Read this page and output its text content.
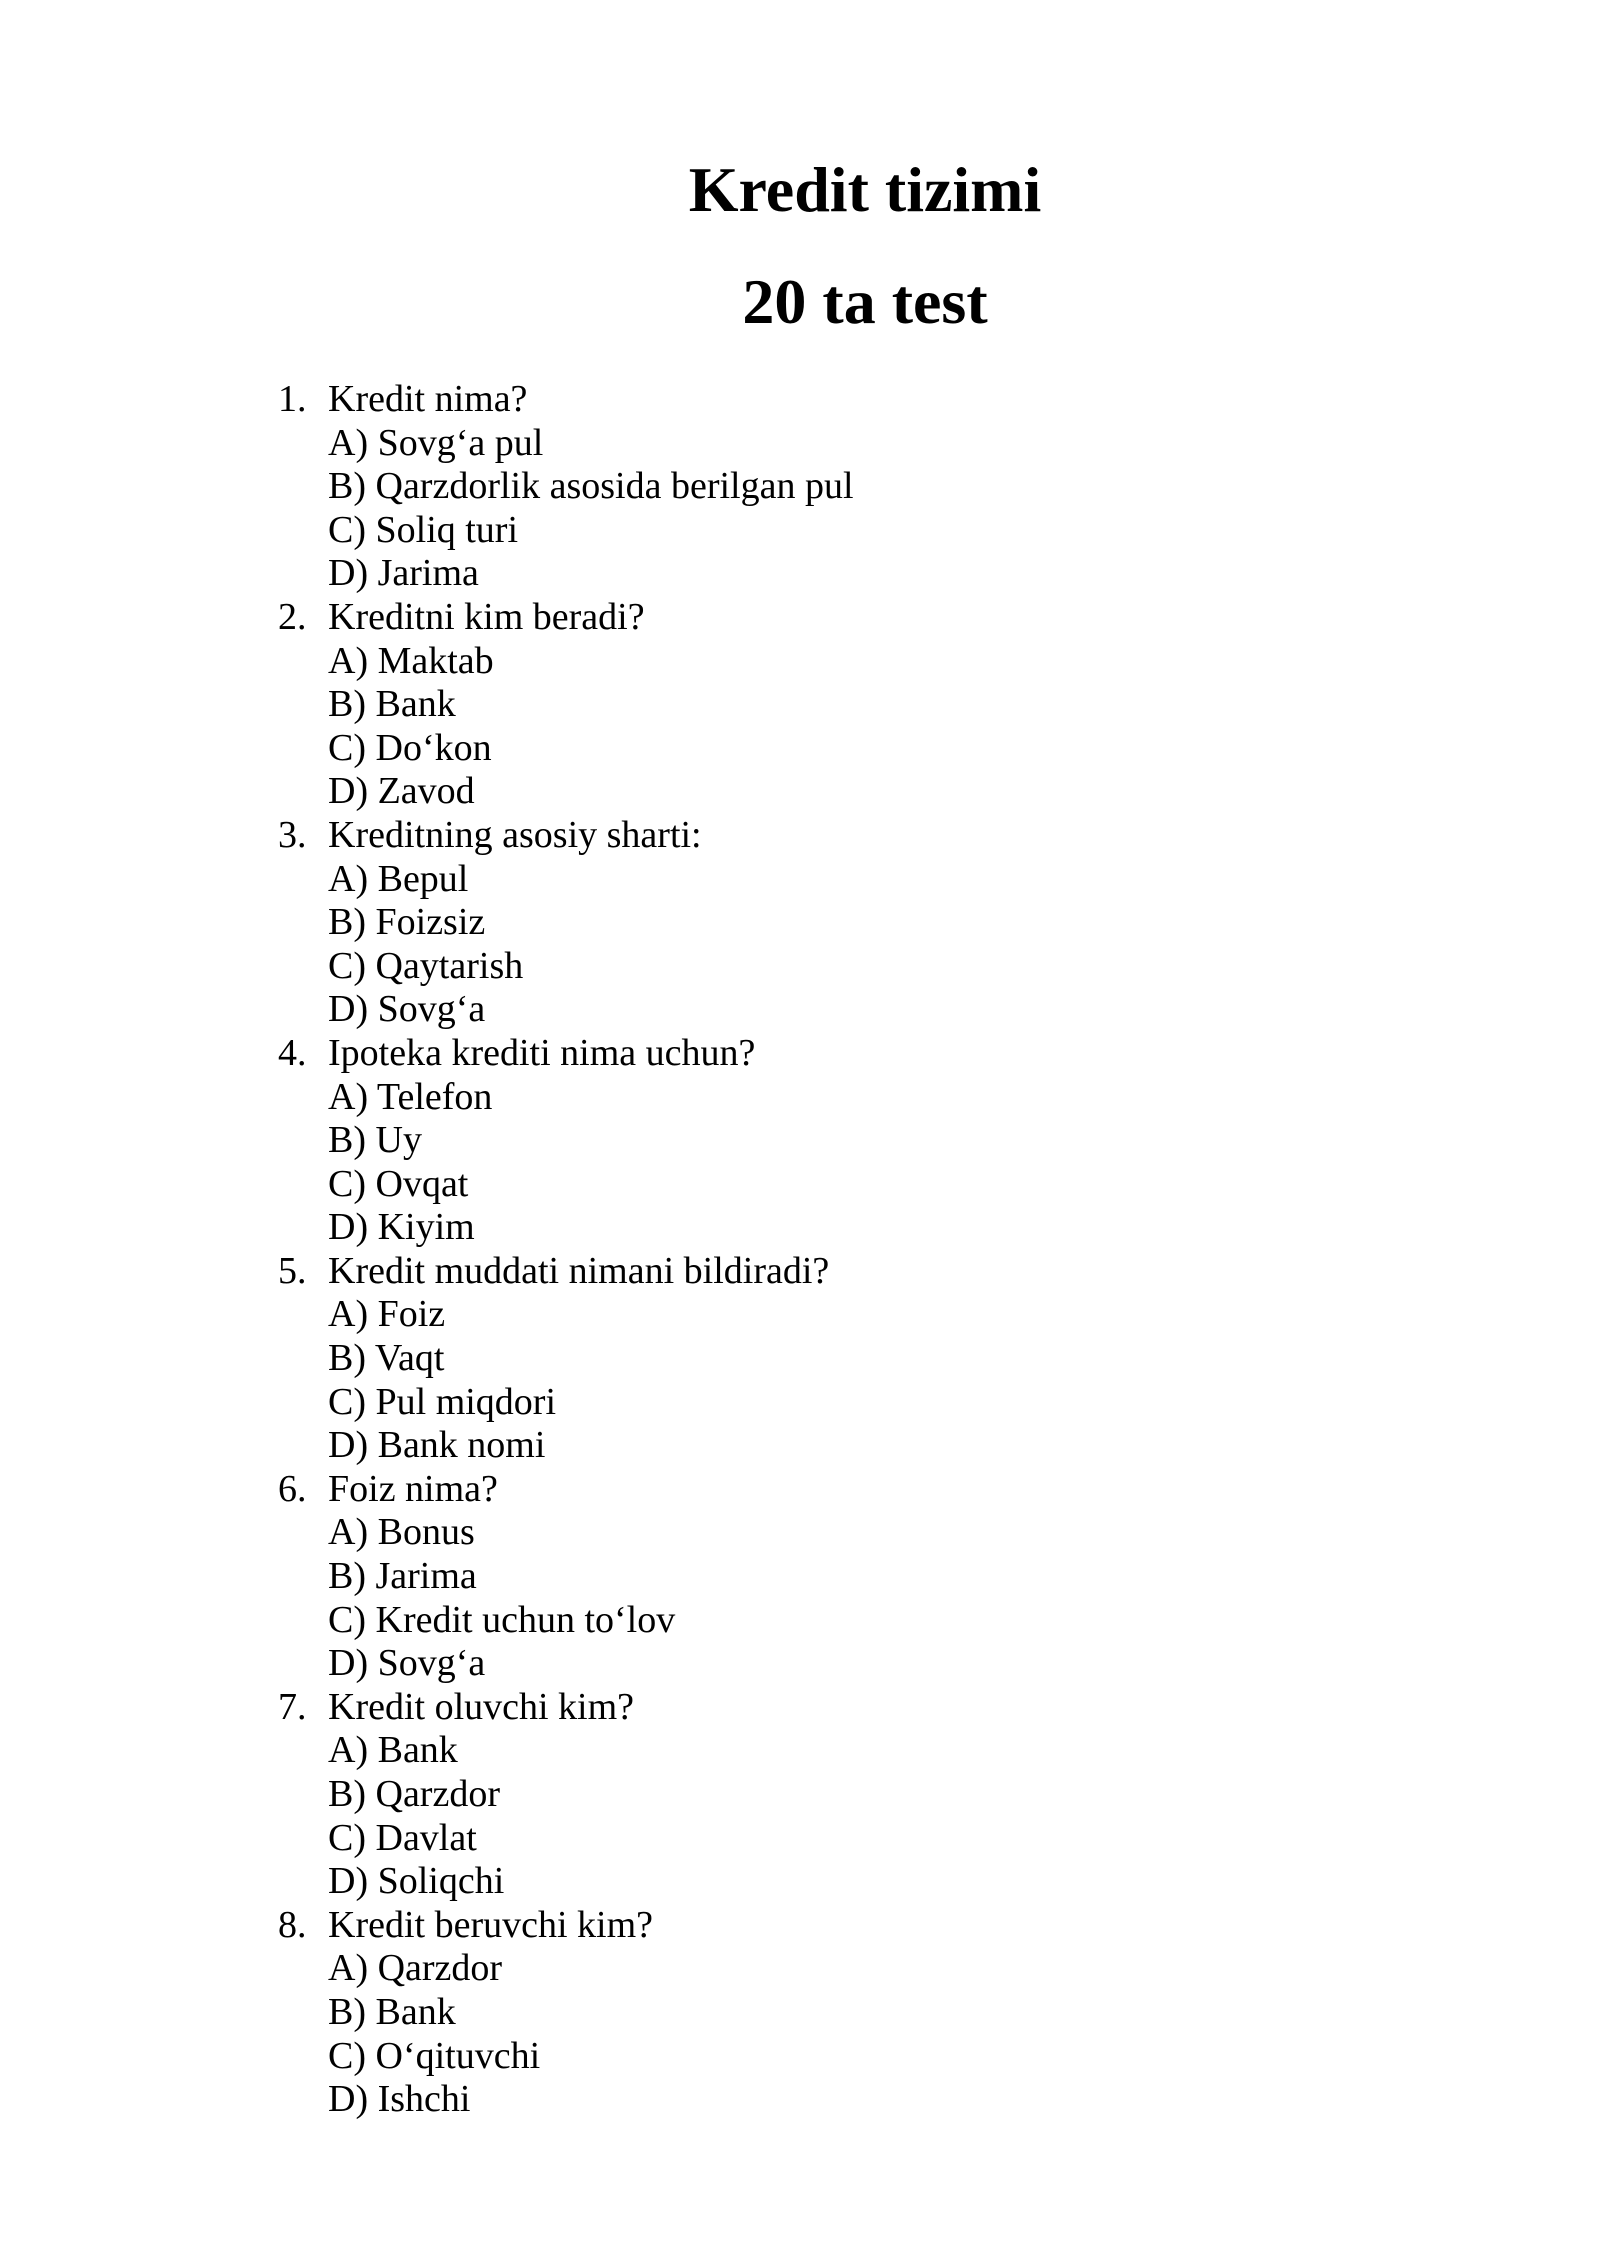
Kredit tizimi
20 ta test
1. Kredit nima?
A) Sovg‘a pul
B) Qarzdorlik asosida berilgan pul
C) Soliq turi
D) Jarima
2. Kreditni kim beradi?
A) Maktab
B) Bank
C) Do‘kon
D) Zavod
3. Kreditning asosiy sharti:
A) Bepul
B) Foizsiz
C) Qaytarish
D) Sovg‘a
4. Ipoteka krediti nima uchun?
A) Telefon
B) Uy
C) Ovqat
D) Kiyim
5. Kredit muddati nimani bildiradi?
A) Foiz
B) Vaqt
C) Pul miqdori
D) Bank nomi
6. Foiz nima?
A) Bonus
B) Jarima
C) Kredit uchun to‘lov
D) Sovg‘a
7. Kredit oluvchi kim?
A) Bank
B) Qarzdor
C) Davlat
D) Soliqchi
8. Kredit beruvchi kim?
A) Qarzdor
B) Bank
C) O‘qituvchi
D) Ishchi
